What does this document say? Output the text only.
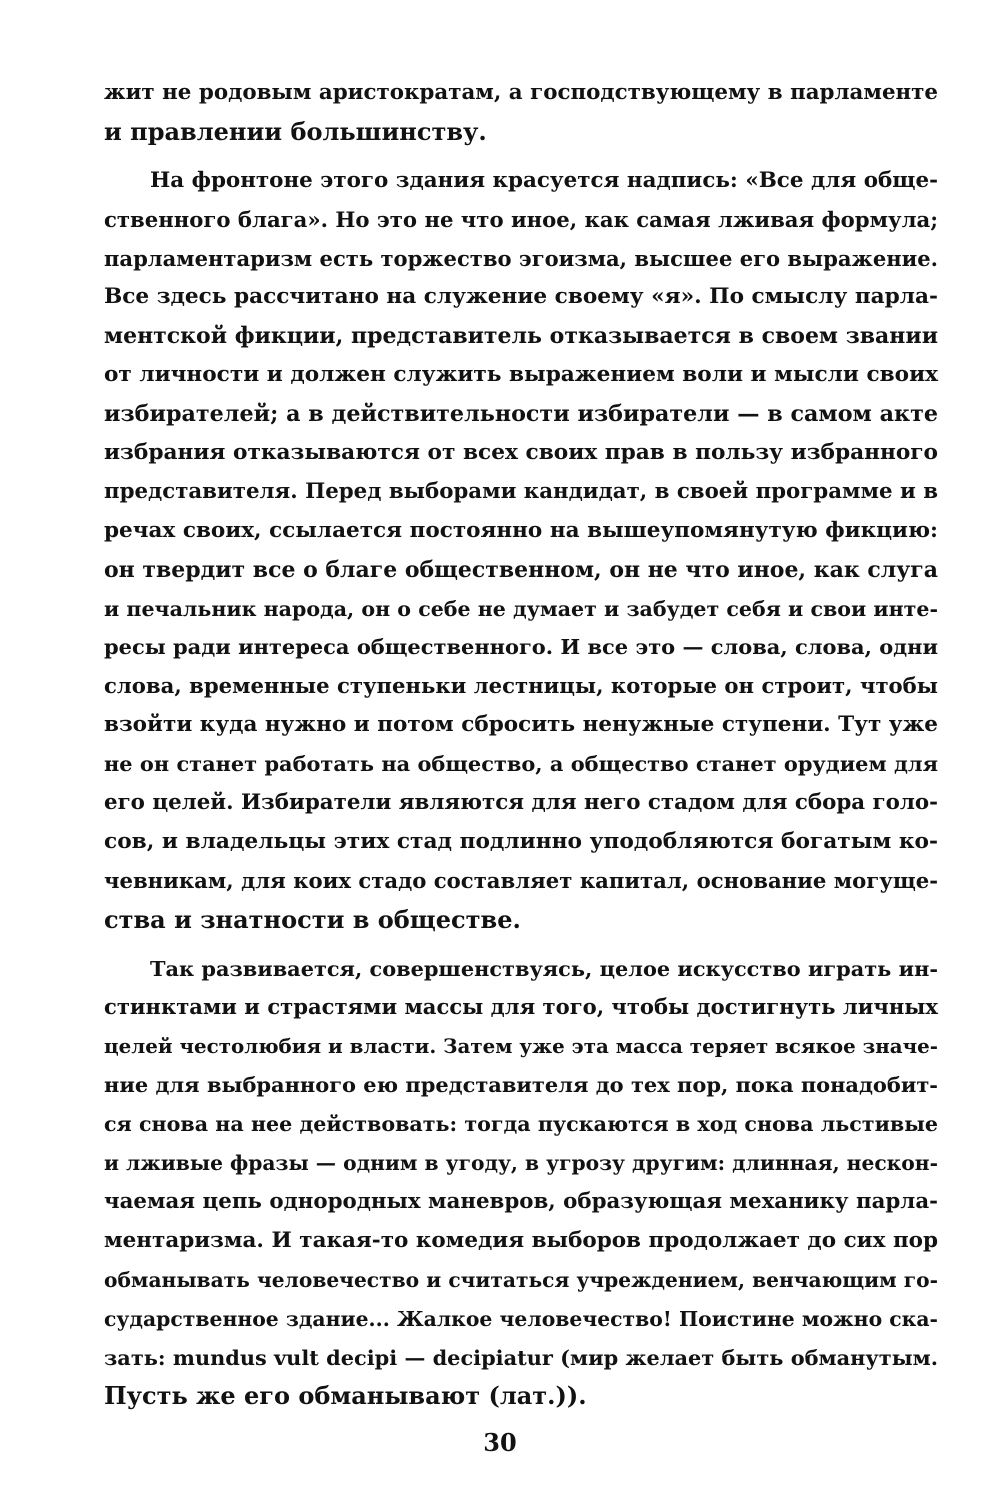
жит не родовым аристократам, а господствующему в парламенте
и правлении большинству.
На фронтоне этого здания красуется надпись: «Все для обще-
ственного блага». Но это не что иное, как самая лживая формула;
парламентаризм есть торжество эгоизма, высшее его выражение.
Все здесь рассчитано на служение своему «я». По смыслу парла-
ментской фикции, представитель отказывается в своем звании
от личности и должен служить выражением воли и мысли своих
избирателей; а в действительности избиратели — в самом акте
избрания отказываются от всех своих прав в пользу избранного
представителя. Перед выборами кандидат, в своей программе и в
речах своих, ссылается постоянно на вышеупомянутую фикцию:
он твердит все о благе общественном, он не что иное, как слуга
и печальник народа, он о себе не думает и забудет себя и свои инте-
ресы ради интереса общественного. И все это — слова, слова, одни
слова, временные ступеньки лестницы, которые он строит, чтобы
взойти куда нужно и потом сбросить ненужные ступени. Тут уже
не он станет работать на общество, а общество станет орудием для
его целей. Избиратели являются для него стадом для сбора голо-
сов, и владельцы этих стад подлинно уподобляются богатым ко-
чевникам, для коих стадо составляет капитал, основание могуще-
ства и знатности в обществе.
Так развивается, совершенствуясь, целое искусство играть ин-
стинктами и страстями массы для того, чтобы достигнуть личных
целей честолюбия и власти. Затем уже эта масса теряет всякое значе-
ние для выбранного ею представителя до тех пор, пока понадобит-
ся снова на нее действовать: тогда пускаются в ход снова льстивые
и лживые фразы — одним в угоду, в угрозу другим: длинная, нескон-
чаемая цепь однородных маневров, образующая механику парла-
ментаризма. И такая-то комедия выборов продолжает до сих пор
обманывать человечество и считаться учреждением, венчающим го-
сударственное здание... Жалкое человечество! Поистине можно ска-
зать: mundus vult decipi — decipiatur (мир желает быть обманутым.
Пусть же его обманывают (лат.)).
30
